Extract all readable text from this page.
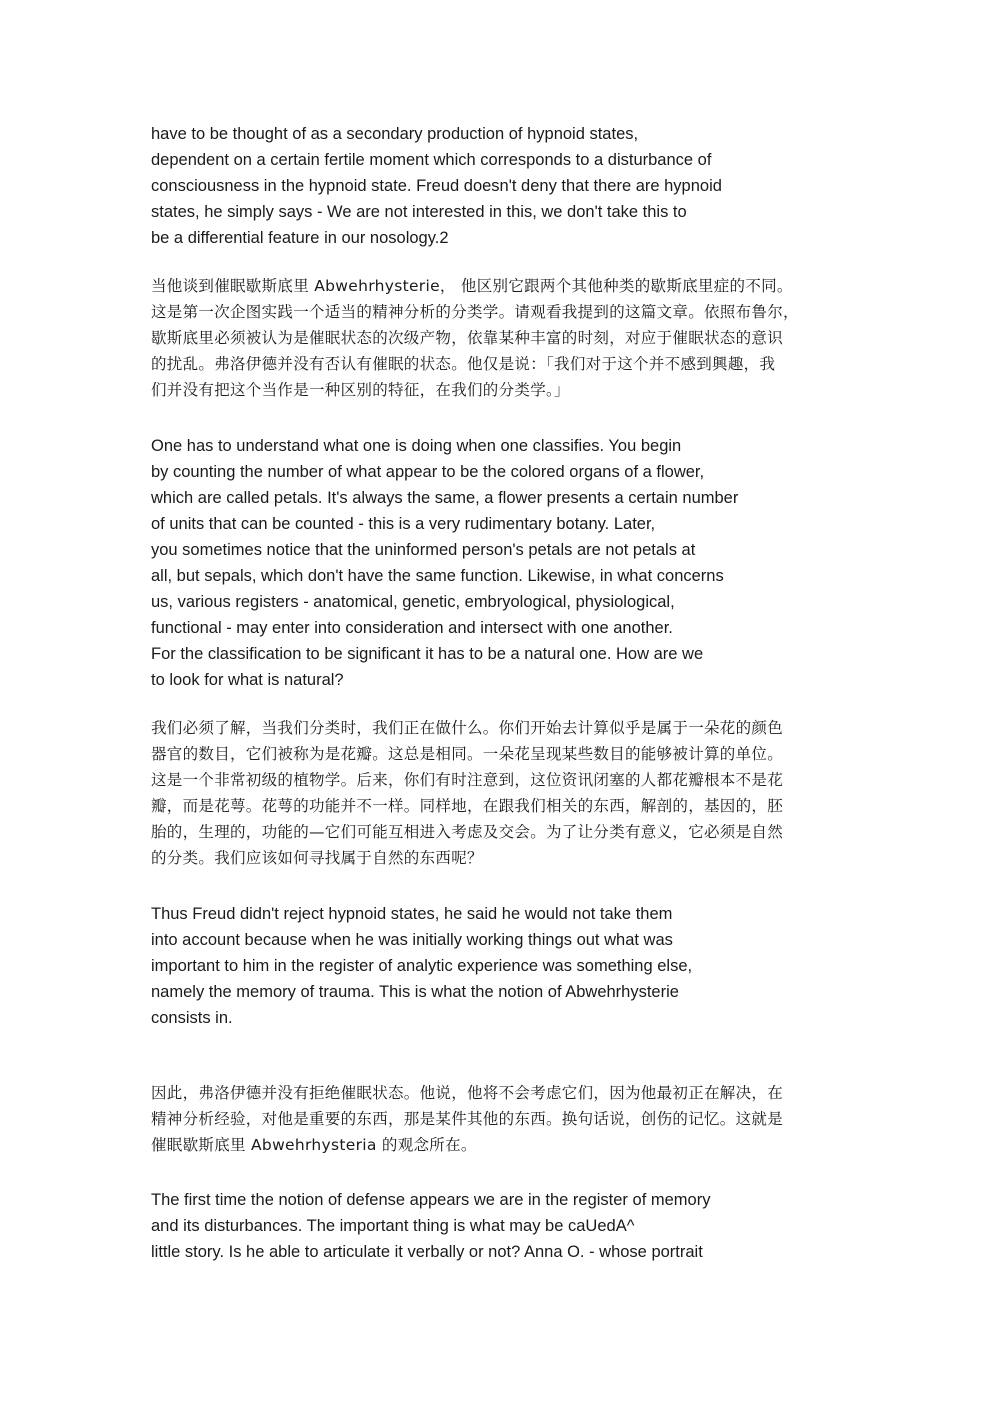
have to be thought of as a secondary production of hypnoid states,
dependent on a certain fertile moment which corresponds to a disturbance of
consciousness in the hypnoid state. Freud doesn't deny that there are hypnoid
states, he simply says - We are not interested in this, we don't take this to
be a differential feature in our nosology.2
当他谈到催眠歇斯底里 Abwehrhysterie， 他区别它跟两个其他种类的歇斯底里症的不同。
这是第一次企图实践一个适当的精神分析的分类学。请观看我提到的这篇文章。依照布鲁尔，
歇斯底里必须被认为是催眠状态的次级产物，依靠某种丰富的时刻，对应于催眠状态的意识
的扰乱。弗洛伊德并没有否认有催眠的状态。他仅是说：「我们对于这个并不感到興趣，我
们并没有把这个当作是一种区别的特征，在我们的分类学。」
One has to understand what one is doing when one classifies. You begin
by counting the number of what appear to be the colored organs of a flower,
which are called petals. It's always the same, a flower presents a certain number
of units that can be counted - this is a very rudimentary botany. Later,
you sometimes notice that the uninformed person's petals are not petals at
all, but sepals, which don't have the same function. Likewise, in what concerns
us, various registers - anatomical, genetic, embryological, physiological,
functional - may enter into consideration and intersect with one another.
For the classification to be significant it has to be a natural one. How are we
to look for what is natural?
我们必须了解，当我们分类时，我们正在做什么。你们开始去计算似乎是属于一朵花的颜色
器官的数目，它们被称为是花瓣。这总是相同。一朵花呈现某些数目的能够被计算的单位。
这是一个非常初级的植物学。后来，你们有时注意到，这位资讯闭塞的人都花瓣根本不是花
瓣，而是花萼。花萼的功能并不一样。同样地，在跟我们相关的东西，解剖的，基因的，胚
胎的，生理的，功能的—它们可能互相进入考虑及交会。为了让分类有意义，它必须是自然
的分类。我们应该如何寻找属于自然的东西呢？
Thus Freud didn't reject hypnoid states, he said he would not take them
into account because when he was initially working things out what was
important to him in the register of analytic experience was something else,
namely the memory of trauma. This is what the notion of Abwehrhysterie
consists in.
因此，弗洛伊德并没有拒绝催眠状态。他说，他将不会考虑它们，因为他最初正在解决，在
精神分析经验，对他是重要的东西，那是某件其他的东西。换句话说，创伤的记忆。这就是
催眠歇斯底里 Abwehrhysteria 的观念所在。
The first time the notion of defense appears we are in the register of memory
and its disturbances. The important thing is what may be caUedA^
little story. Is he able to articulate it verbally or not? Anna O. - whose portrait
